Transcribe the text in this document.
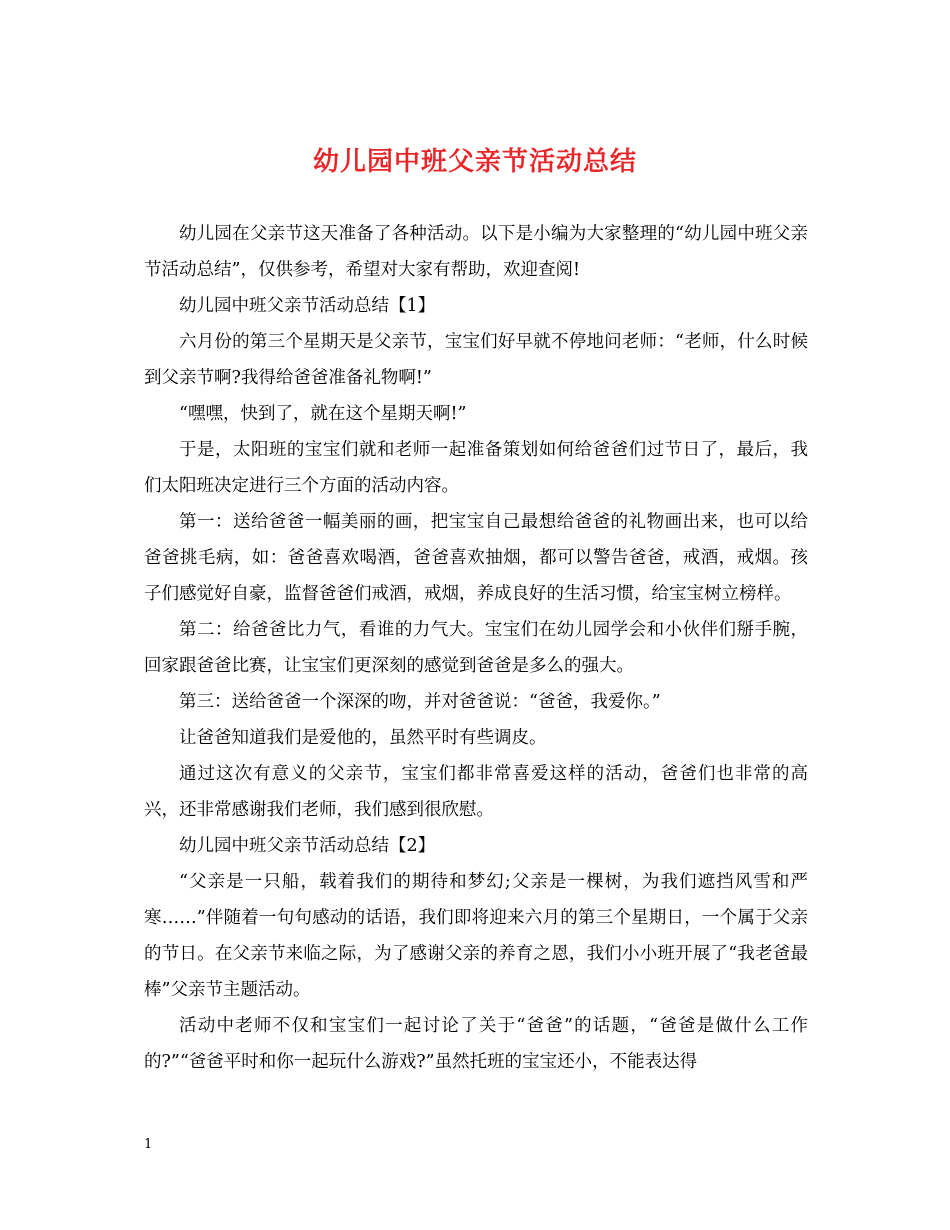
幼儿园中班父亲节活动总结

幼儿园在父亲节这天准备了各种活动。以下是小编为大家整理的“幼儿园中班父亲节活动总结”，仅供参考，希望对大家有帮助，欢迎查阅!

幼儿园中班父亲节活动总结【1】

六月份的第三个星期天是父亲节，宝宝们好早就不停地问老师：“老师，什么时候到父亲节啊?我得给爸爸准备礼物啊!”

“嘿嘿，快到了，就在这个星期天啊!”

于是，太阳班的宝宝们就和老师一起准备策划如何给爸爸们过节日了，最后，我们太阳班决定进行三个方面的活动内容。

第一：送给爸爸一幅美丽的画，把宝宝自己最想给爸爸的礼物画出来，也可以给爸爸挑毛病，如：爸爸喜欢喝酒，爸爸喜欢抽烟，都可以警告爸爸，戒酒，戒烟。孩子们感觉好自豪，监督爸爸们戒酒，戒烟，养成良好的生活习惯，给宝宝树立榜样。

第二：给爸爸比力气，看谁的力气大。宝宝们在幼儿园学会和小伙伴们掰手腕，回家跟爸爸比赛，让宝宝们更深刻的感觉到爸爸是多么的强大。

第三：送给爸爸一个深深的吻，并对爸爸说：“爸爸，我爱你。”

让爸爸知道我们是爱他的，虽然平时有些调皮。

通过这次有意义的父亲节，宝宝们都非常喜爱这样的活动，爸爸们也非常的高兴，还非常感谢我们老师，我们感到很欣慰。

幼儿园中班父亲节活动总结【2】

“父亲是一只船，载着我们的期待和梦幻;父亲是一棵树，为我们遮挡风雪和严寒……”伴随着一句句感动的话语，我们即将迎来六月的第三个星期日，一个属于父亲的节日。在父亲节来临之际，为了感谢父亲的养育之恩，我们小小班开展了“我老爸最棒”父亲节主题活动。

活动中老师不仅和宝宝们一起讨论了关于“爸爸”的话题，“爸爸是做什么工作的?”“爸爸平时和你一起玩什么游戏?”虽然托班的宝宝还小，不能表达得

1
